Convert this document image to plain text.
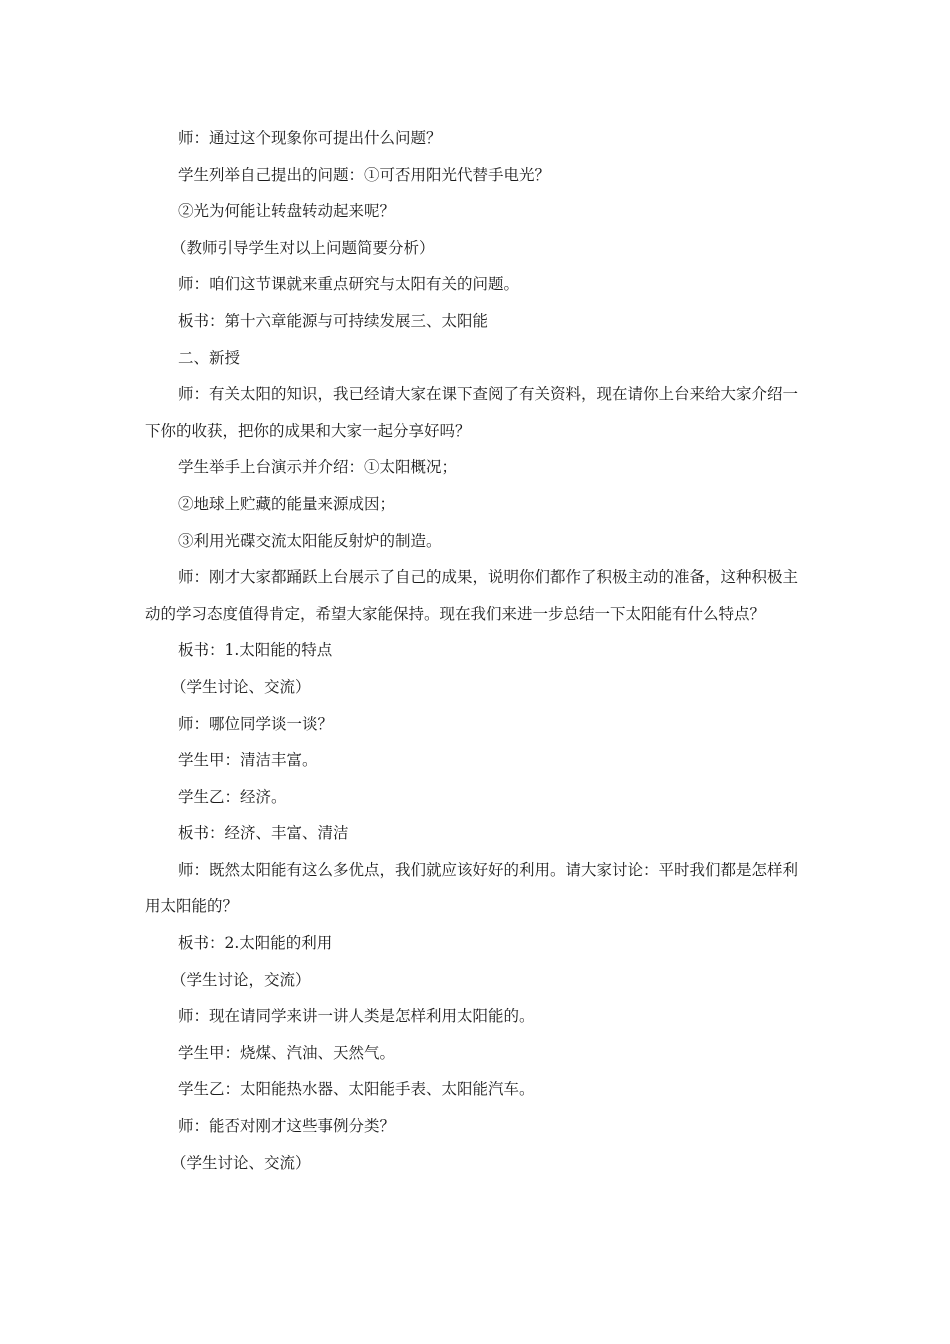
师：通过这个现象你可提出什么问题？

学生列举自己提出的问题：①可否用阳光代替手电光？

②光为何能让转盘转动起来呢？

（教师引导学生对以上问题简要分析）

师：咱们这节课就来重点研究与太阳有关的问题。

板书：第十六章能源与可持续发展三、太阳能

二、新授

师：有关太阳的知识，我已经请大家在课下查阅了有关资料，现在请你上台来给大家介绍一下你的收获，把你的成果和大家一起分享好吗？

学生举手上台演示并介绍：①太阳概况；

②地球上贮藏的能量来源成因；

③利用光碟交流太阳能反射炉的制造。

师：刚才大家都踊跃上台展示了自己的成果，说明你们都作了积极主动的准备，这种积极主动的学习态度值得肯定，希望大家能保持。现在我们来进一步总结一下太阳能有什么特点？

板书：1.太阳能的特点

（学生讨论、交流）

师：哪位同学谈一谈？

学生甲：清洁丰富。

学生乙：经济。

板书：经济、丰富、清洁

师：既然太阳能有这么多优点，我们就应该好好的利用。请大家讨论：平时我们都是怎样利用太阳能的？

板书：2.太阳能的利用

（学生讨论，交流）

师：现在请同学来讲一讲人类是怎样利用太阳能的。

学生甲：烧煤、汽油、天然气。

学生乙：太阳能热水器、太阳能手表、太阳能汽车。

师：能否对刚才这些事例分类？

（学生讨论、交流）
